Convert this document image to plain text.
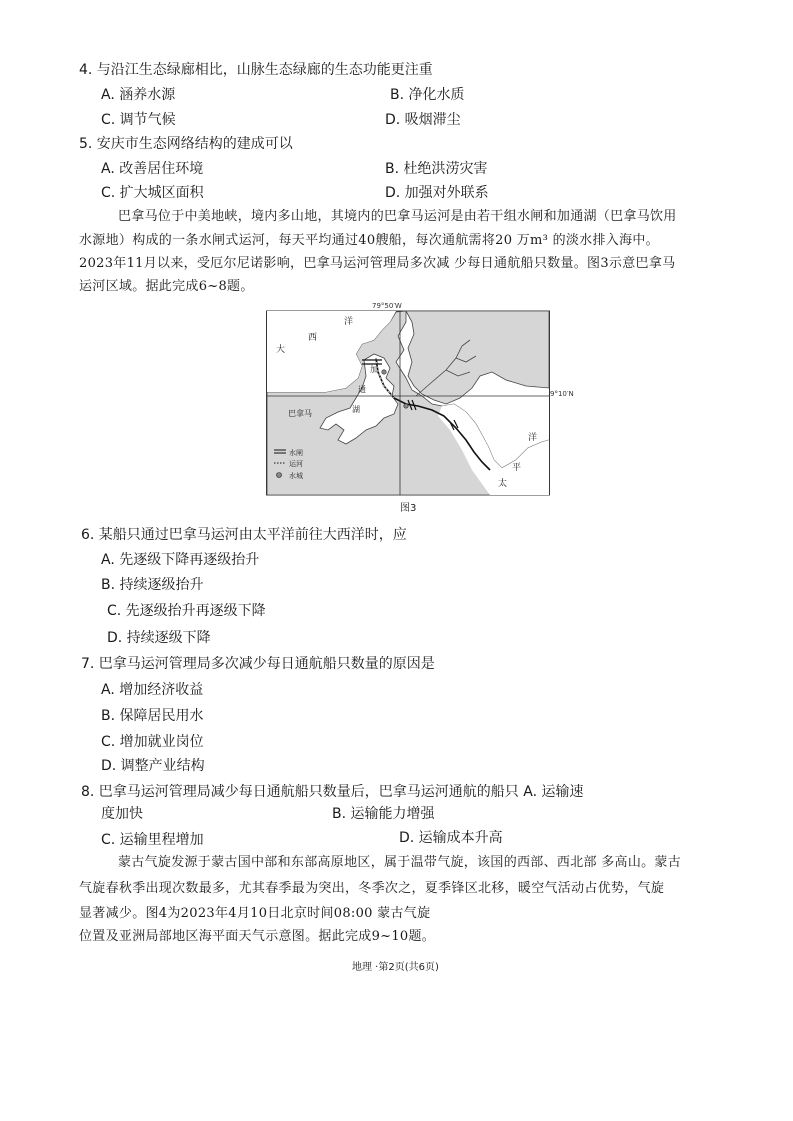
4. 与沿江生态绿廊相比，山脉生态绿廊的生态功能更注重
A. 涵养水源	B. 净化水质
C. 调节气候	D. 吸烟滞尘
5. 安庆市生态网络结构的建成可以
A. 改善居住环境	B. 杜绝洪涝灾害
C. 扩大城区面积	D. 加强对外联系
巴拿马位于中美地峡，境内多山地，其境内的巴拿马运河是由若干组水闸和加通湖（巴拿马饮用
水源地）构成的一条水闸式运河，每天平均通过40艘船，每次通航需将20 万m³ 的淡水排入海中。
2023年11月以来，受厄尔尼诺影响，巴拿马运河管理局多次减 少每日通航船只数量。图3示意巴拿马
运河区域。据此完成6~8题。
79°50′W
9°10′N
大
西
洋
加
通
湖
巴拿马
太
平
洋
水闸
运河
水城
图3
6. 某船只通过巴拿马运河由太平洋前往大西洋时，应
A. 先逐级下降再逐级抬升
B. 持续逐级抬升
C. 先逐级抬升再逐级下降
D. 持续逐级下降
7. 巴拿马运河管理局多次减少每日通航船只数量的原因是
A. 增加经济收益
B. 保障居民用水
C. 增加就业岗位
D. 调整产业结构
8. 巴拿马运河管理局减少每日通航船只数量后，巴拿马运河通航的船只 A. 运输速
度加快	B. 运输能力增强
C. 运输里程增加	D. 运输成本升高
蒙古气旋发源于蒙古国中部和东部高原地区，属于温带气旋，该国的西部、西北部 多高山。蒙古
气旋春秋季出现次数最多，尤其春季最为突出，冬季次之，夏季锋区北移，暖空气活动占优势，气旋
显著减少。图4为2023年4月10日北京时间08:00 蒙古气旋
位置及亚洲局部地区海平面天气示意图。据此完成9~10题。
地理 ·第2页(共6页)
